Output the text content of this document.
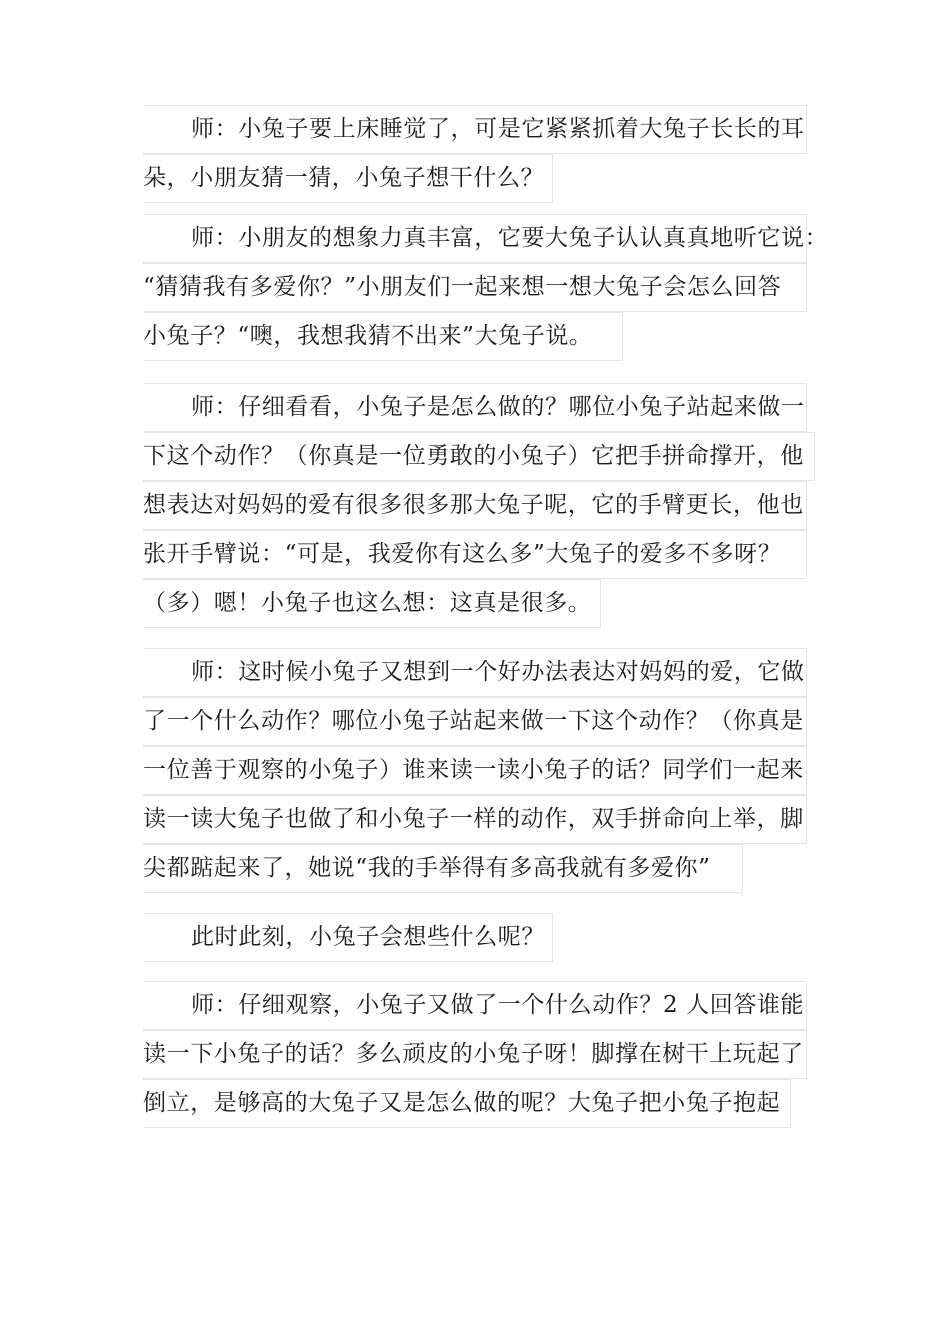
师：小兔子要上床睡觉了，可是它紧紧抓着大兔子长长的耳
朵，小朋友猜一猜，小兔子想干什么？
师：小朋友的想象力真丰富，它要大兔子认认真真地听它说：
“猜猜我有多爱你？”小朋友们一起来想一想大兔子会怎么回答
小兔子？“噢，我想我猜不出来”大兔子说。
师：仔细看看，小兔子是怎么做的？哪位小兔子站起来做一
下这个动作？（你真是一位勇敢的小兔子）它把手拼命撑开，他
想表达对妈妈的爱有很多很多那大兔子呢，它的手臂更长，他也
张开手臂说：“可是，我爱你有这么多”大兔子的爱多不多呀？
（多）嗯！小兔子也这么想：这真是很多。
师：这时候小兔子又想到一个好办法表达对妈妈的爱，它做
了一个什么动作？哪位小兔子站起来做一下这个动作？（你真是
一位善于观察的小兔子）谁来读一读小兔子的话？同学们一起来
读一读大兔子也做了和小兔子一样的动作，双手拼命向上举，脚
尖都踮起来了，她说“我的手举得有多高我就有多爱你”
此时此刻，小兔子会想些什么呢？
师：仔细观察，小兔子又做了一个什么动作？2 人回答谁能
读一下小兔子的话？多么顽皮的小兔子呀！脚撑在树干上玩起了
倒立，是够高的大兔子又是怎么做的呢？大兔子把小兔子抱起
